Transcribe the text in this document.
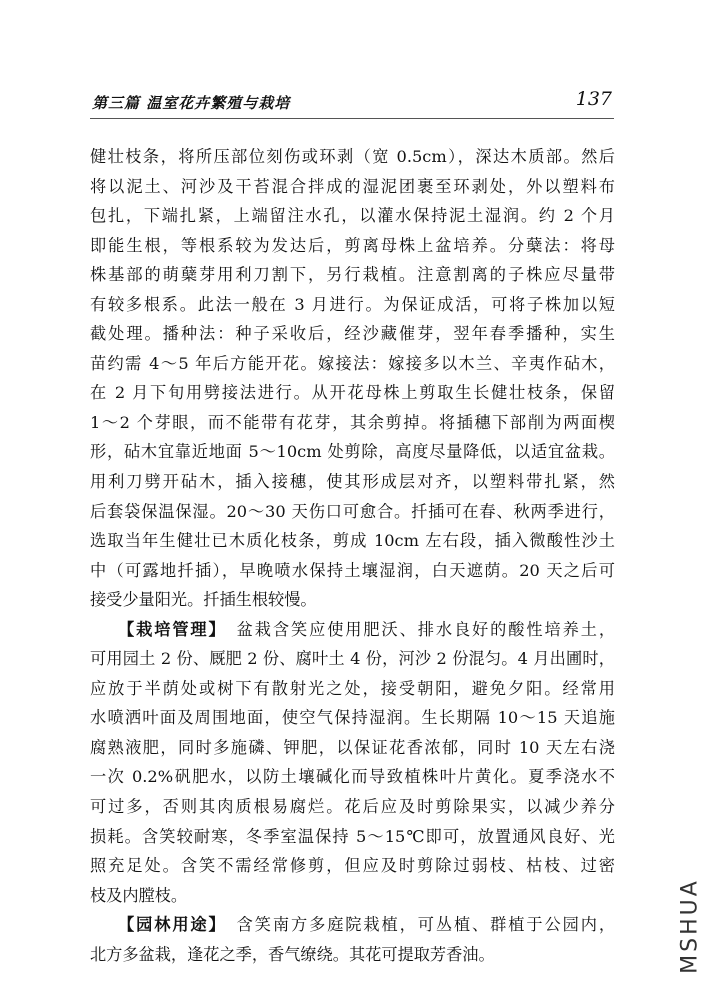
第三篇 温室花卉繁殖与栽培	137
健壮枝条，将所压部位刻伤或环剥（宽 0.5cm），深达木质部。然后
将以泥土、河沙及干苔混合拌成的湿泥团裹至环剥处，外以塑料布
包扎，下端扎紧，上端留注水孔，以灌水保持泥土湿润。约 2 个月
即能生根，等根系较为发达后，剪离母株上盆培养。分蘖法：将母
株基部的萌蘖芽用利刀割下，另行栽植。注意割离的子株应尽量带
有较多根系。此法一般在 3 月进行。为保证成活，可将子株加以短
截处理。播种法：种子采收后，经沙藏催芽，翌年春季播种，实生
苗约需 4～5 年后方能开花。嫁接法：嫁接多以木兰、辛夷作砧木，
在 2 月下旬用劈接法进行。从开花母株上剪取生长健壮枝条，保留
1～2 个芽眼，而不能带有花芽，其余剪掉。将插穗下部削为两面楔
形，砧木宜靠近地面 5～10cm 处剪除，高度尽量降低，以适宜盆栽。
用利刀劈开砧木，插入接穗，使其形成层对齐，以塑料带扎紧，然
后套袋保温保湿。20～30 天伤口可愈合。扦插可在春、秋两季进行，
选取当年生健壮已木质化枝条，剪成 10cm 左右段，插入微酸性沙土
中（可露地扦插），早晚喷水保持土壤湿润，白天遮荫。20 天之后可
接受少量阳光。扦插生根较慢。
【栽培管理】 盆栽含笑应使用肥沃、排水良好的酸性培养土，
可用园土 2 份、厩肥 2 份、腐叶土 4 份，河沙 2 份混匀。4 月出圃时，
应放于半荫处或树下有散射光之处，接受朝阳，避免夕阳。经常用
水喷洒叶面及周围地面，使空气保持湿润。生长期隔 10～15 天追施
腐熟液肥，同时多施磷、钾肥，以保证花香浓郁，同时 10 天左右浇
一次 0.2%矾肥水，以防土壤碱化而导致植株叶片黄化。夏季浇水不
可过多，否则其肉质根易腐烂。花后应及时剪除果实，以减少养分
损耗。含笑较耐寒，冬季室温保持 5～15℃即可，放置通风良好、光
照充足处。含笑不需经常修剪，但应及时剪除过弱枝、枯枝、过密
枝及内膛枝。
【园林用途】 含笑南方多庭院栽植，可丛植、群植于公园内，
北方多盆栽，逢花之季，香气缭绕。其花可提取芳香油。	MSHUA
